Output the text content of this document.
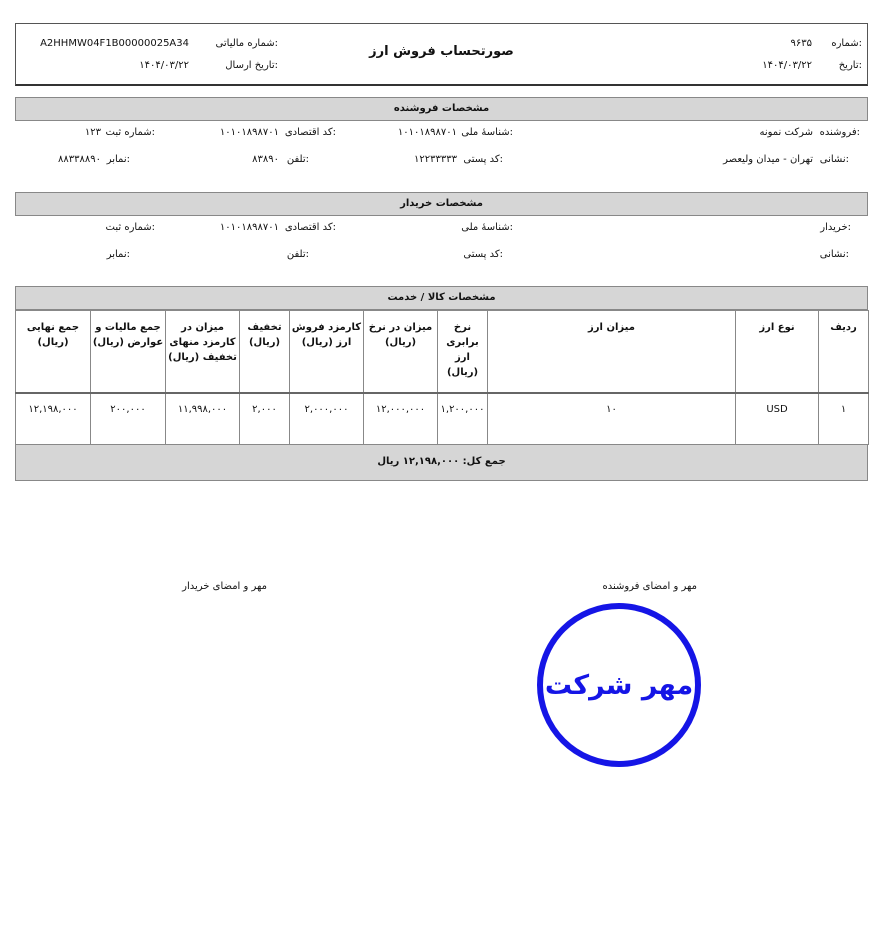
شماره:
۹۶۳۵
تاریخ:
۱۴۰۴/۰۳/۲۲
صورتحساب فروش ارز
شماره مالیاتی:
A2HHMW04F1B00000025A34
تاریخ ارسال:
۱۴۰۴/۰۳/۲۲
مشخصات فروشنده
فروشنده:
شرکت نمونه
شناسهٔ ملی:
۱۰۱۰۱۸۹۸۷۰۱
کد اقتصادی:
۱۰۱۰۱۸۹۸۷۰۱
شماره ثبت:
۱۲۳
نشانی:
تهران - میدان ولیعصر
کد پستی:
۱۲۲۳۳۳۳۳
تلفن:
۸۳۸۹۰
نمابر:
۸۸۳۳۸۸۹۰
مشخصات خریدار
خریدار:
شناسهٔ ملی:
کد اقتصادی:
۱۰۱۰۱۸۹۸۷۰۱
شماره ثبت:
نشانی:
کد پستی:
تلفن:
نمابر:
مشخصات کالا / خدمت
ردیف	نوع ارز	میزان ارز	نرخ برابری ارز (ریال)	میزان در نرخ (ریال)	کارمزد فروش ارز (ریال)	تخفیف (ریال)	میزان در کارمزد منهای تخفیف (ریال)	جمع مالیات و عوارض (ریال)	جمع نهایی (ریال)
۱	USD	۱۰	۱,۲۰۰,۰۰۰	۱۲,۰۰۰,۰۰۰	۲,۰۰۰,۰۰۰	۲,۰۰۰	۱۱,۹۹۸,۰۰۰	۲۰۰,۰۰۰	۱۲,۱۹۸,۰۰۰
جمع کل: ۱۲,۱۹۸,۰۰۰ ریال
مهر و امضای فروشنده
مهر و امضای خریدار
مهر شرکت
